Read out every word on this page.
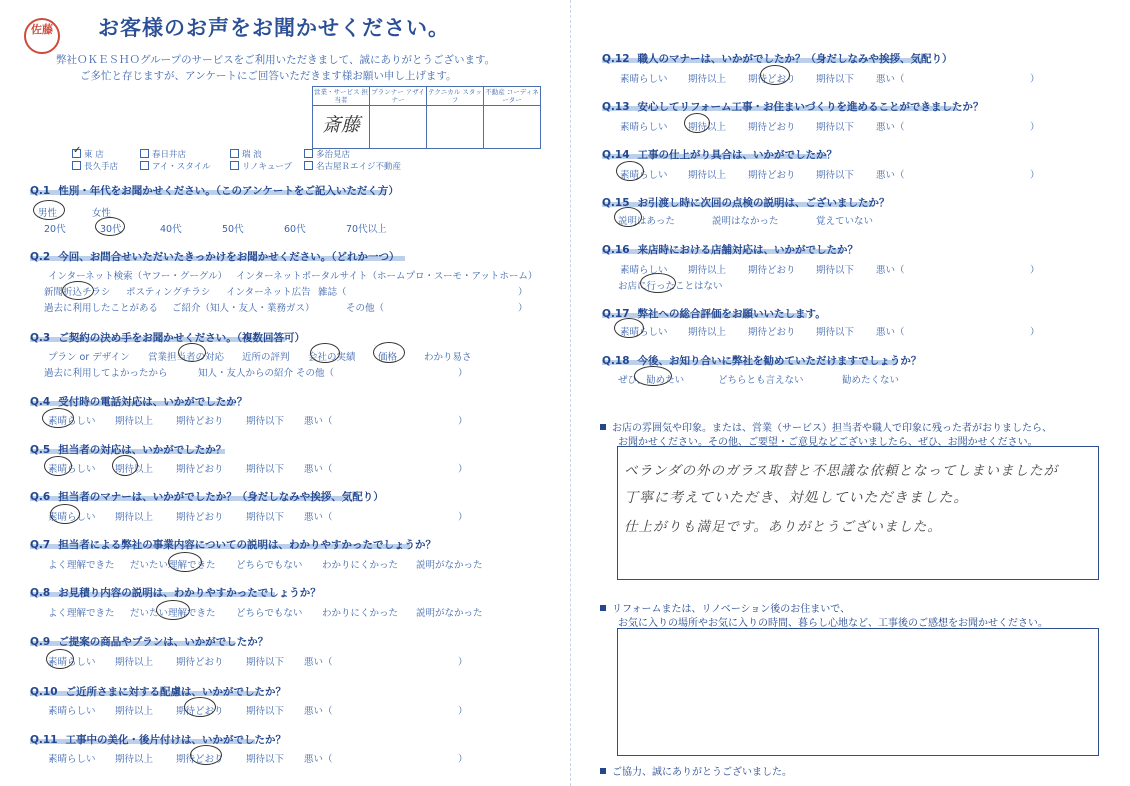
佐藤	お客様のお声をお聞かせください。
弊社ＯＫＥＳＨＯグループのサービスをご利用いただきまして、誠にありがとうございます。
ご多忙と存じますが、アンケートにご回答いただきます様お願い申し上げます。
営業・サービス 担当者	プランナー アザイナー	テクニカル スタッフ	不動産 コーディネーター
斎藤			
✓ 東 店	春日井店	瑞 浪	多治見店
長久手店	アイ・スタイル	リノキューブ	名古屋Ｒエイジ不動産
Q.1 性別・年代をお聞かせください。（このアンケートをご記入いただく方）
男性	女性
20代	30代	40代	50代	60代	70代以上
Q.2 今回、お問合せいただいたきっかけをお聞かせください。（どれか一つ）
インターネット検索（ヤフー・グーグル） インターネットポータルサイト（ホームプロ・スーモ・アットホーム）
新聞折込チラシ ポスティングチラシ インターネット広告 雑誌（	）
過去に利用したことがある ご紹介（知人・友人・業務ガス）	その他（	）
Q.3 ご契約の決め手をお聞かせください。（複数回答可）
プラン or デザイン 営業担当者の対応 近所の評判 会社の実績 価格	わかり易さ
過去に利用してよかったから	知人・友人からの紹介 その他（	）
Q.4 受付時の電話対応は、いかがでしたか？
素晴らしい 期待以上 期待どおり 期待以下 悪い（	）
Q.5 担当者の対応は、いかがでしたか？
素晴らしい 期待以上 期待どおり 期待以下 悪い（	）
Q.6 担当者のマナーは、いかがでしたか？（身だしなみや挨拶、気配り）
素晴らしい 期待以上 期待どおり 期待以下 悪い（	）
Q.7 担当者による弊社の事業内容についての説明は、わかりやすかったでしょうか？
よく理解できた だいたい理解できた どちらでもない わかりにくかった 説明がなかった
Q.8 お見積り内容の説明は、わかりやすかったでしょうか？
よく理解できた だいたい理解できた どちらでもない わかりにくかった 説明がなかった
Q.9 ご提案の商品やプランは、いかがでしたか？
素晴らしい 期待以上 期待どおり 期待以下 悪い（	）
Q.10 ご近所さまに対する配慮は、いかがでしたか？
素晴らしい 期待以上 期待どおり 期待以下 悪い（	）
Q.11 工事中の美化・後片付けは、いかがでしたか？
素晴らしい 期待以上 期待どおり 期待以下 悪い（	）
Q.12 職人のマナーは、いかがでしたか？（身だしなみや挨拶、気配り）
素晴らしい 期待以上 期待どおり 期待以下 悪い（	）
Q.13 安心してリフォーム工事・お住まいづくりを進めることができましたか？
素晴らしい 期待以上 期待どおり 期待以下 悪い（	）
Q.14 工事の仕上がり具合は、いかがでしたか？
素晴らしい 期待以上 期待どおり 期待以下 悪い（	）
Q.15 お引渡し時に次回の点検の説明は、ございましたか？
説明はあった	説明はなかった	覚えていない
Q.16 来店時における店舗対応は、いかがでしたか？
素晴らしい 期待以上 期待どおり 期待以下 悪い（	）
お店に行ったことはない
Q.17 弊社への総合評価をお願いいたします。
素晴らしい 期待以上 期待どおり 期待以下 悪い（	）
Q.18 今後、お知り合いに弊社を勧めていただけますでしょうか？
ぜひ、勧めたい	どちらとも言えない	勧めたくない
お店の雰囲気や印象。または、営業（サービス）担当者や職人で印象に残った者がおりましたら、
お聞かせください。その他、ご要望・ご意見などございましたら、ぜひ、お聞かせください。
ベランダの外のガラス取替と不思議な依頼となってしまいましたが
丁寧に考えていただき、対処していただきました。
仕上がりも満足です。ありがとうございました。
リフォームまたは、リノベーション後のお住まいで、
お気に入りの場所やお気に入りの時間、暮らし心地など、工事後のご感想をお聞かせください。
ご協力、誠にありがとうございました。
